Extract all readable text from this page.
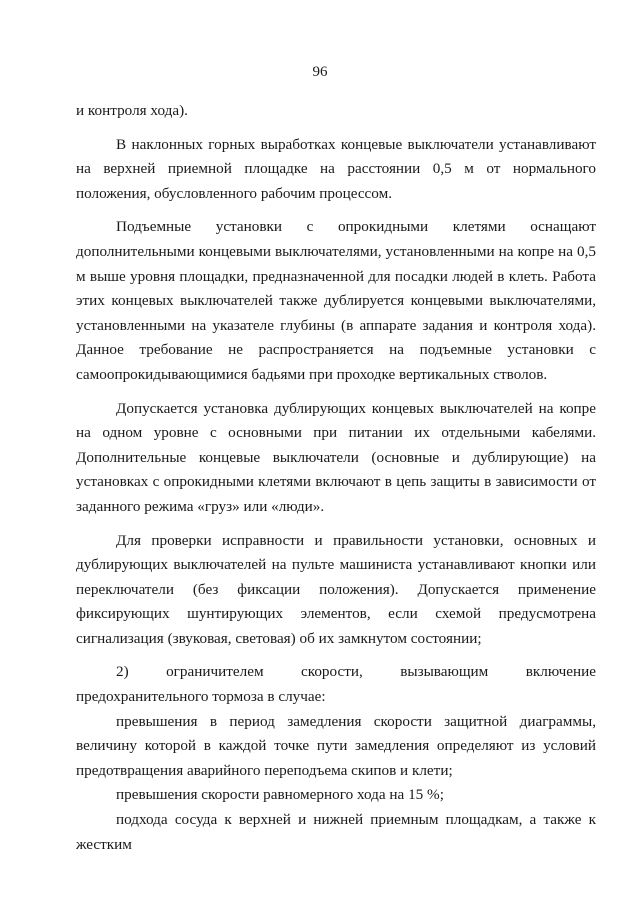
96

и контроля хода).

В наклонных горных выработках концевые выключатели устанавливают на верхней приемной площадке на расстоянии 0,5 м от нормального положения, обусловленного рабочим процессом.

Подъемные установки с опрокидными клетями оснащают дополнительными концевыми выключателями, установленными на копре на 0,5 м выше уровня площадки, предназначенной для посадки людей в клеть. Работа этих концевых выключателей также дублируется концевыми выключателями, установленными на указателе глубины (в аппарате задания и контроля хода). Данное требование не распространяется на подъемные установки с самоопрокидывающимися бадьями при проходке вертикальных стволов.

Допускается установка дублирующих концевых выключателей на копре на одном уровне с основными при питании их отдельными кабелями. Дополнительные концевые выключатели (основные и дублирующие) на установках с опрокидными клетями включают в цепь защиты в зависимости от заданного режима «груз» или «люди».

Для проверки исправности и правильности установки, основных и дублирующих выключателей на пульте машиниста устанавливают кнопки или переключатели (без фиксации положения). Допускается применение фиксирующих шунтирующих элементов, если схемой предусмотрена сигнализация (звуковая, световая) об их замкнутом состоянии;

2) ограничителем скорости, вызывающим включение предохранительного тормоза в случае:

превышения в период замедления скорости защитной диаграммы, величину которой в каждой точке пути замедления определяют из условий предотвращения аварийного переподъема скипов и клети;

превышения скорости равномерного хода на 15 %;

подхода сосуда к верхней и нижней приемным площадкам, а также к жестким
